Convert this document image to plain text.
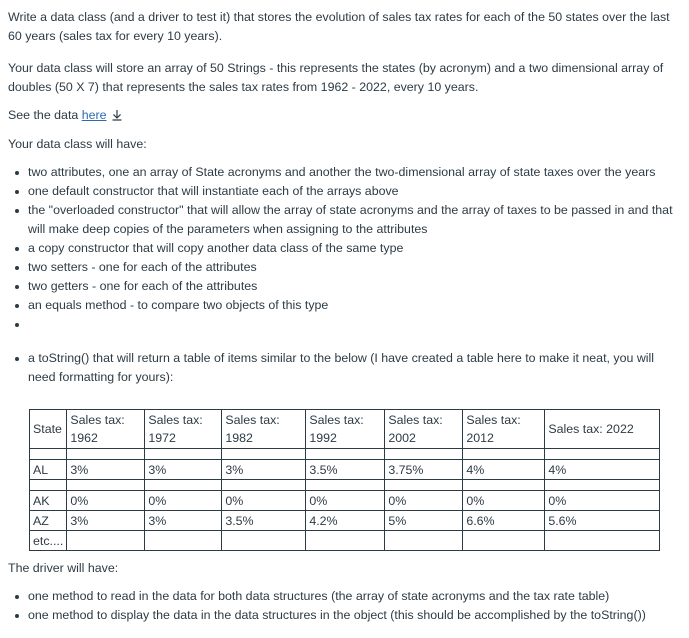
Write a data class (and a driver to test it) that stores the evolution of sales tax rates for each of the 50 states over the last 60 years (sales tax for every 10 years).

Your data class will store an array of 50 Strings - this represents the states (by acronym) and a two dimensional array of doubles (50 X 7) that represents the sales tax rates from 1962 - 2022, every 10 years.

See the data here

Your data class will have:

two attributes, one an array of State acronyms and another the two-dimensional array of state taxes over the years
one default constructor that will instantiate each of the arrays above
the "overloaded constructor" that will allow the array of state acronyms and the array of taxes to be passed in and that will make deep copies of the parameters when assigning to the attributes
a copy constructor that will copy another data class of the same type
two setters - one for each of the attributes
two getters - one for each of the attributes
an equals method - to compare two objects of this type
a toString() that will return a table of items similar to the below (I have created a table here to make it neat, you will need formatting for yours):
State	Sales tax: 1962	Sales tax: 1972	Sales tax: 1982	Sales tax: 1992	Sales tax: 2002	Sales tax: 2012	Sales tax: 2022

AL	3%	3%	3%	3.5%	3.75%	4%	4%

AK	0%	0%	0%	0%	0%	0%	0%
AZ	3%	3%	3.5%	4.2%	5%	6.6%	5.6%
etc....							

The driver will have:

one method to read in the data for both data structures (the array of state acronyms and the tax rate table)
one method to display the data in the data structures in the object (this should be accomplished by the toString())
